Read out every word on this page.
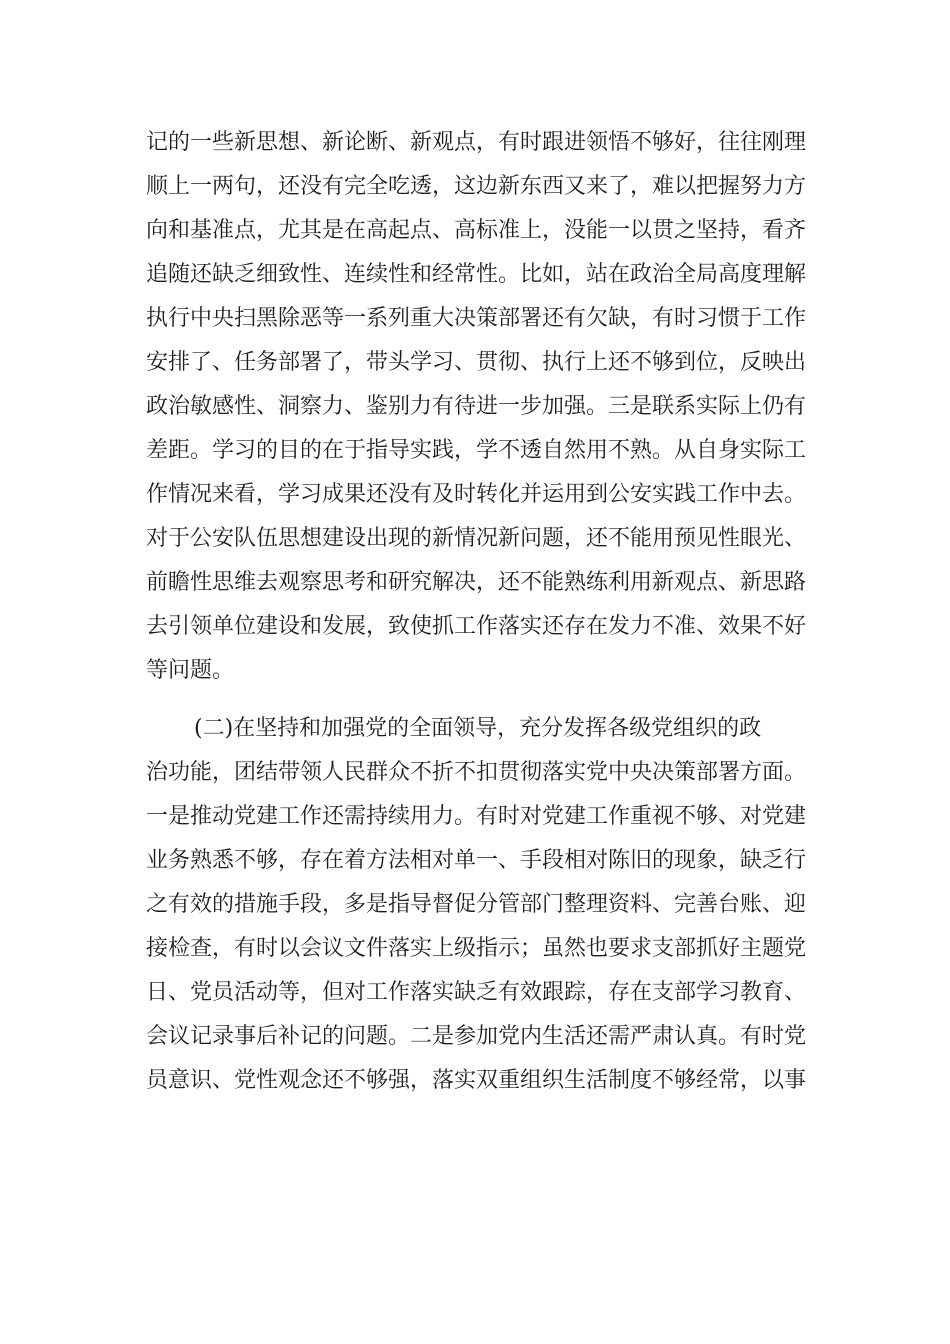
记的一些新思想、新论断、新观点，有时跟进领悟不够好，往往刚理
顺上一两句，还没有完全吃透，这边新东西又来了，难以把握努力方
向和基准点，尤其是在高起点、高标准上，没能一以贯之坚持，看齐
追随还缺乏细致性、连续性和经常性。比如，站在政治全局高度理解
执行中央扫黑除恶等一系列重大决策部署还有欠缺，有时习惯于工作
安排了、任务部署了，带头学习、贯彻、执行上还不够到位，反映出
政治敏感性、洞察力、鉴别力有待进一步加强。三是联系实际上仍有
差距。学习的目的在于指导实践，学不透自然用不熟。从自身实际工
作情况来看，学习成果还没有及时转化并运用到公安实践工作中去。
对于公安队伍思想建设出现的新情况新问题，还不能用预见性眼光、
前瞻性思维去观察思考和研究解决，还不能熟练利用新观点、新思路
去引领单位建设和发展，致使抓工作落实还存在发力不准、效果不好
等问题。
(二)在坚持和加强党的全面领导，充分发挥各级党组织的政
治功能，团结带领人民群众不折不扣贯彻落实党中央决策部署方面。
一是推动党建工作还需持续用力。有时对党建工作重视不够、对党建
业务熟悉不够，存在着方法相对单一、手段相对陈旧的现象，缺乏行
之有效的措施手段，多是指导督促分管部门整理资料、完善台账、迎
接检查，有时以会议文件落实上级指示；虽然也要求支部抓好主题党
日、党员活动等，但对工作落实缺乏有效跟踪，存在支部学习教育、
会议记录事后补记的问题。二是参加党内生活还需严肃认真。有时党
员意识、党性观念还不够强，落实双重组织生活制度不够经常，以事
